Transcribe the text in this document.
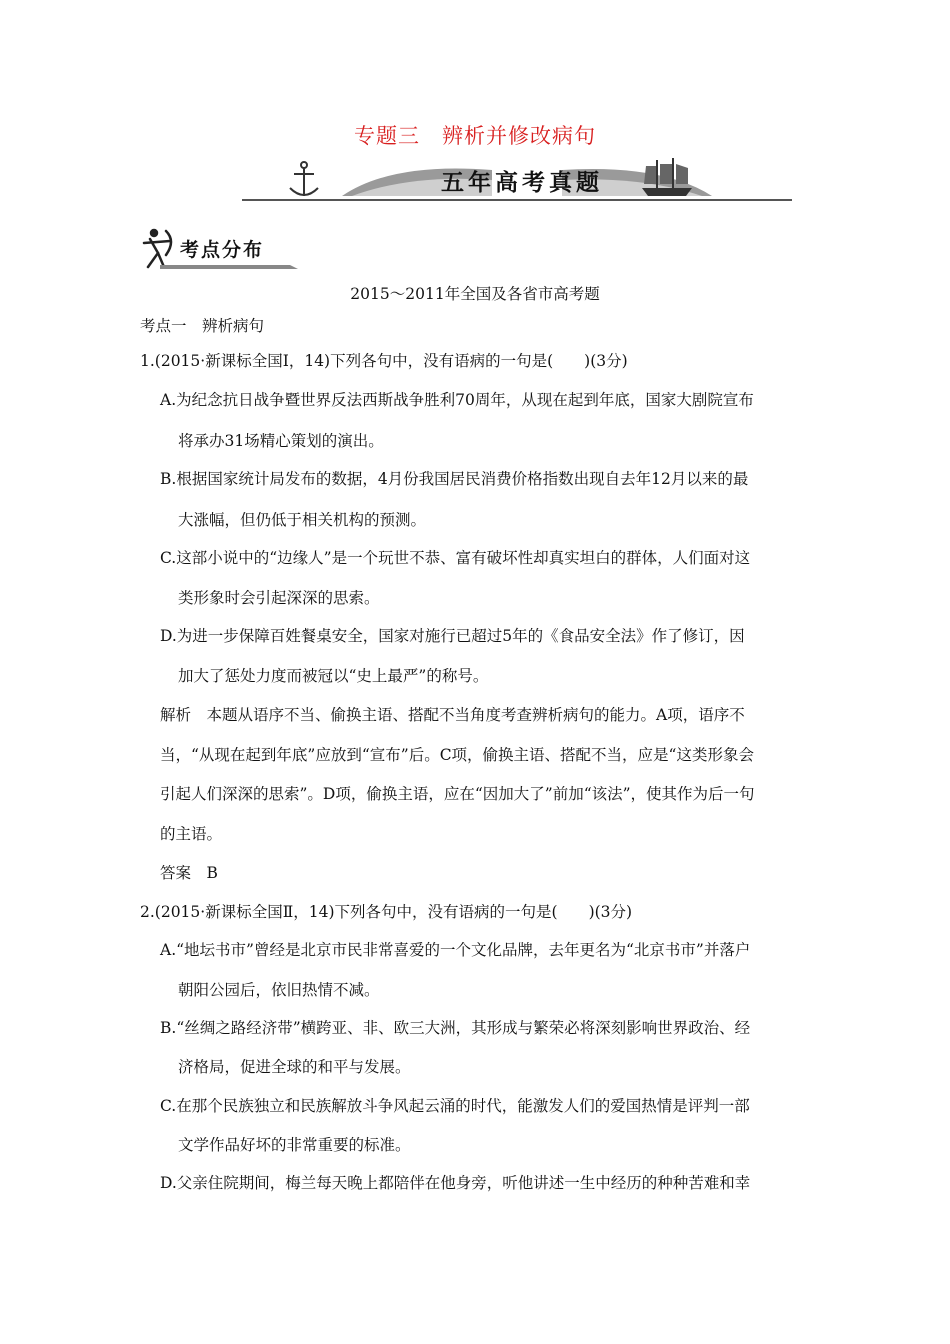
专题三　辨析并修改病句
五年高考真题
考点分布
2015～2011年全国及各省市高考题
考点一　辨析病句
1.(2015·新课标全国Ⅰ，14)下列各句中，没有语病的一句是(　　)(3分)
A.为纪念抗日战争暨世界反法西斯战争胜利70周年，从现在起到年底，国家大剧院宣布
将承办31场精心策划的演出。
B.根据国家统计局发布的数据，4月份我国居民消费价格指数出现自去年12月以来的最
大涨幅，但仍低于相关机构的预测。
C.这部小说中的“边缘人”是一个玩世不恭、富有破坏性却真实坦白的群体，人们面对这
类形象时会引起深深的思索。
D.为进一步保障百姓餐桌安全，国家对施行已超过5年的《食品安全法》作了修订，因
加大了惩处力度而被冠以“史上最严”的称号。
解析　本题从语序不当、偷换主语、搭配不当角度考查辨析病句的能力。A项，语序不
当，“从现在起到年底”应放到“宣布”后。C项，偷换主语、搭配不当，应是“这类形象会
引起人们深深的思索”。D项，偷换主语，应在“因加大了”前加“该法”，使其作为后一句
的主语。
答案　B
2.(2015·新课标全国Ⅱ，14)下列各句中，没有语病的一句是(　　)(3分)
A.“地坛书市”曾经是北京市民非常喜爱的一个文化品牌，去年更名为“北京书市”并落户
朝阳公园后，依旧热情不减。
B.“丝绸之路经济带”横跨亚、非、欧三大洲，其形成与繁荣必将深刻影响世界政治、经
济格局，促进全球的和平与发展。
C.在那个民族独立和民族解放斗争风起云涌的时代，能激发人们的爱国热情是评判一部
文学作品好坏的非常重要的标准。
D.父亲住院期间，梅兰每天晚上都陪伴在他身旁，听他讲述一生中经历的种种苦难和幸
